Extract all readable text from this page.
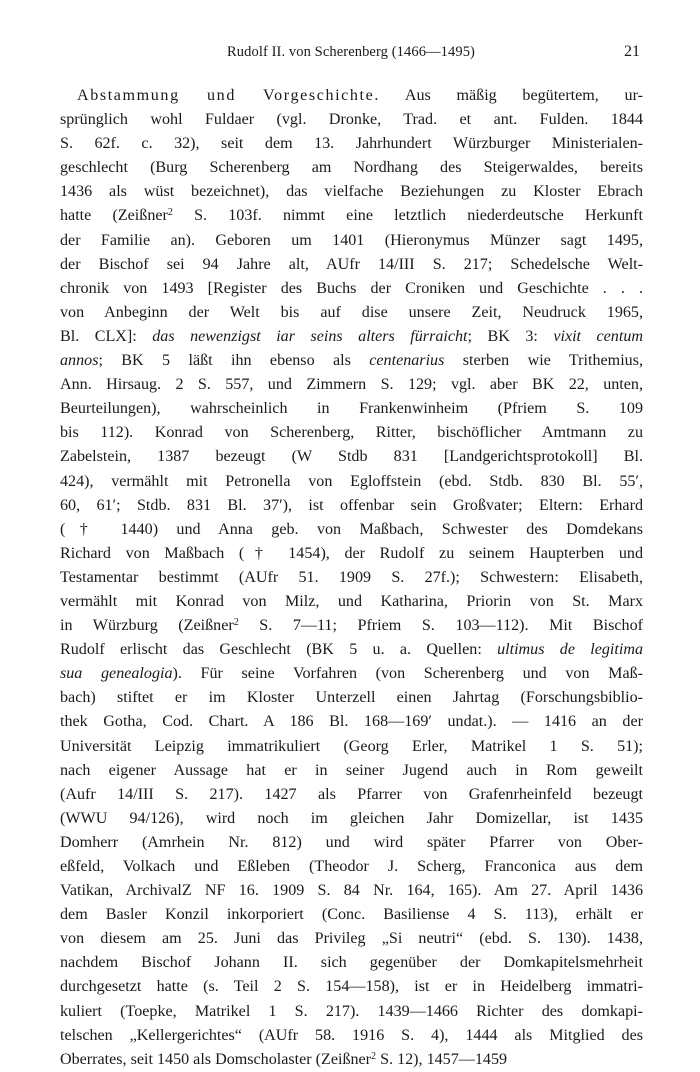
Rudolf II. von Scherenberg (1466—1495)	21
Abstammung und Vorgeschichte. Aus mäßig begütertem, ur-
sprünglich wohl Fuldaer (vgl. Dronke, Trad. et ant. Fulden. 1844
S. 62f. c. 32), seit dem 13. Jahrhundert Würzburger Ministerialen-
geschlecht (Burg Scherenberg am Nordhang des Steigerwaldes, bereits
1436 als wüst bezeichnet), das vielfache Beziehungen zu Kloster Ebrach
hatte (Zeißner$^2$ S. 103f. nimmt eine letztlich niederdeutsche Herkunft
der Familie an). Geboren um 1401 (Hieronymus Münzer sagt 1495,
der Bischof sei 94 Jahre alt, AUfr 14/III S. 217; Schedelsche Welt-
chronik von 1493 [Register des Buchs der Croniken und Geschichte . . .
von Anbeginn der Welt bis auf dise unsere Zeit, Neudruck 1965,
Bl. CLX]: das newenzigst iar seins alters fürraicht; BK 3: vixit centum
annos; BK 5 läßt ihn ebenso als centenarius sterben wie Trithemius,
Ann. Hirsaug. 2 S. 557, und Zimmern S. 129; vgl. aber BK 22, unten,
Beurteilungen), wahrscheinlich in Frankenwinheim (Pfriem S. 109
bis 112). Konrad von Scherenberg, Ritter, bischöflicher Amtmann zu
Zabelstein, 1387 bezeugt (W Stdb 831 [Landgerichtsprotokoll] Bl.
424), vermählt mit Petronella von Egloffstein (ebd. Stdb. 830 Bl. 55′,
60, 61′; Stdb. 831 Bl. 37′), ist offenbar sein Großvater; Eltern: Erhard
(† 1440) und Anna geb. von Maßbach, Schwester des Domdekans
Richard von Maßbach († 1454), der Rudolf zu seinem Haupterben und
Testamentar bestimmt (AUfr 51. 1909 S. 27f.); Schwestern: Elisabeth,
vermählt mit Konrad von Milz, und Katharina, Priorin von St. Marx
in Würzburg (Zeißner$^2$ S. 7—11; Pfriem S. 103—112). Mit Bischof
Rudolf erlischt das Geschlecht (BK 5 u. a. Quellen: ultimus de legitima
sua genealogia). Für seine Vorfahren (von Scherenberg und von Maß-
bach) stiftet er im Kloster Unterzell einen Jahrtag (Forschungsbiblio-
thek Gotha, Cod. Chart. A 186 Bl. 168—169′ undat.). — 1416 an der
Universität Leipzig immatrikuliert (Georg Erler, Matrikel 1 S. 51);
nach eigener Aussage hat er in seiner Jugend auch in Rom geweilt
(Aufr 14/III S. 217). 1427 als Pfarrer von Grafenrheinfeld bezeugt
(WWU 94/126), wird noch im gleichen Jahr Domizellar, ist 1435
Domherr (Amrhein Nr. 812) und wird später Pfarrer von Ober-
eßfeld, Volkach und Eßleben (Theodor J. Scherg, Franconica aus dem
Vatikan, ArchivalZ NF 16. 1909 S. 84 Nr. 164, 165). Am 27. April 1436
dem Basler Konzil inkorporiert (Conc. Basiliense 4 S. 113), erhält er
von diesem am 25. Juni das Privileg „Si neutri“ (ebd. S. 130). 1438,
nachdem Bischof Johann II. sich gegenüber der Domkapitelsmehrheit
durchgesetzt hatte (s. Teil 2 S. 154—158), ist er in Heidelberg immatri-
kuliert (Toepke, Matrikel 1 S. 217). 1439—1466 Richter des domkapi-
telschen „Kellergerichtes“ (AUfr 58. 1916 S. 4), 1444 als Mitglied des
Oberrates, seit 1450 als Domscholaster (Zeißner$^2$ S. 12), 1457—1459
